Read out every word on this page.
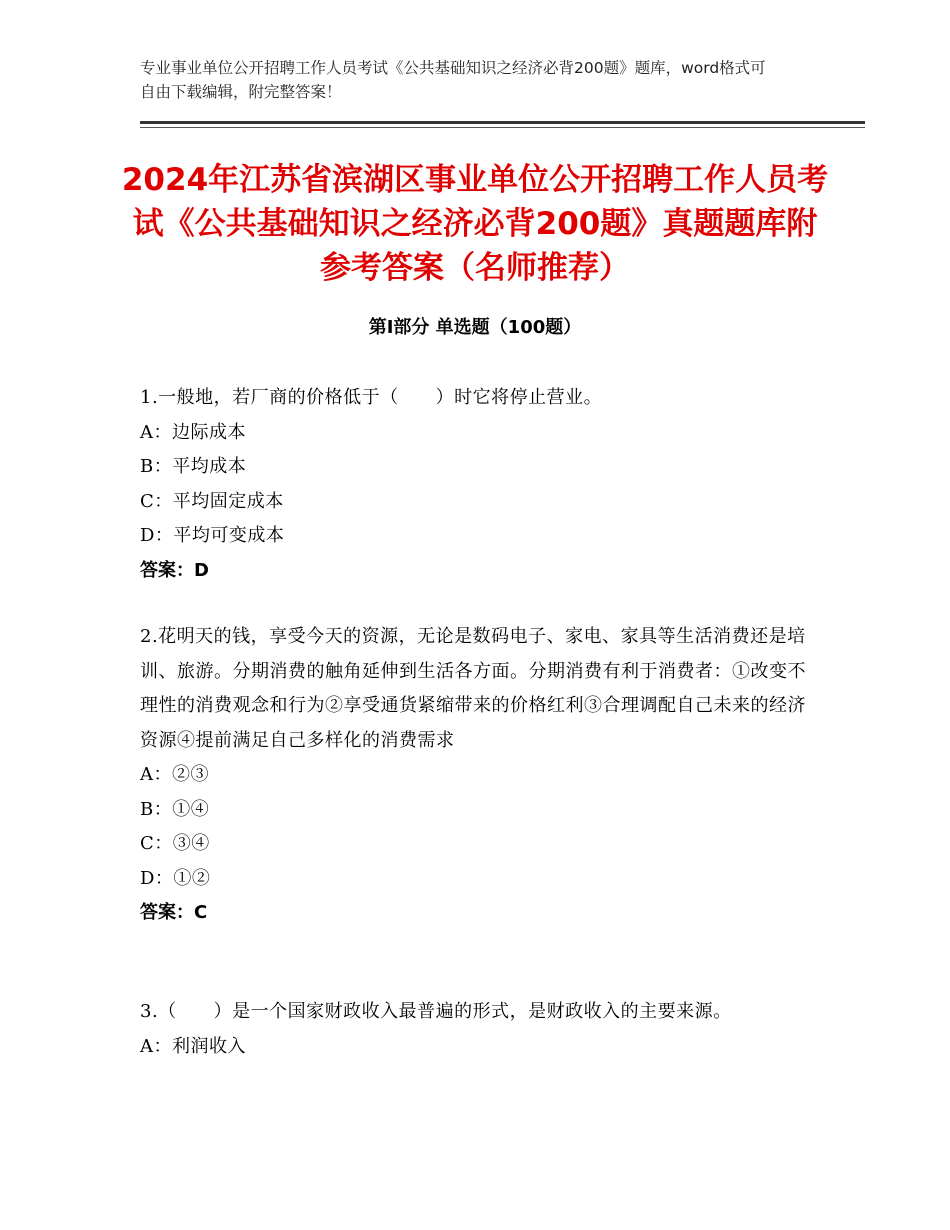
专业事业单位公开招聘工作人员考试《公共基础知识之经济必背200题》题库，word格式可自由下载编辑，附完整答案！
2024年江苏省滨湖区事业单位公开招聘工作人员考试《公共基础知识之经济必背200题》真题题库附参考答案（名师推荐）
第Ⅰ部分 单选题（100题）
1.一般地，若厂商的价格低于（　　）时它将停止营业。
A：边际成本
B：平均成本
C：平均固定成本
D：平均可变成本
答案：D
2.花明天的钱，享受今天的资源，无论是数码电子、家电、家具等生活消费还是培训、旅游。分期消费的触角延伸到生活各方面。分期消费有利于消费者：①改变不理性的消费观念和行为②享受通货紧缩带来的价格红利③合理调配自己未来的经济资源④提前满足自己多样化的消费需求
A：②③
B：①④
C：③④
D：①②
答案：C
3.（　　）是一个国家财政收入最普遍的形式，是财政收入的主要来源。
A：利润收入
